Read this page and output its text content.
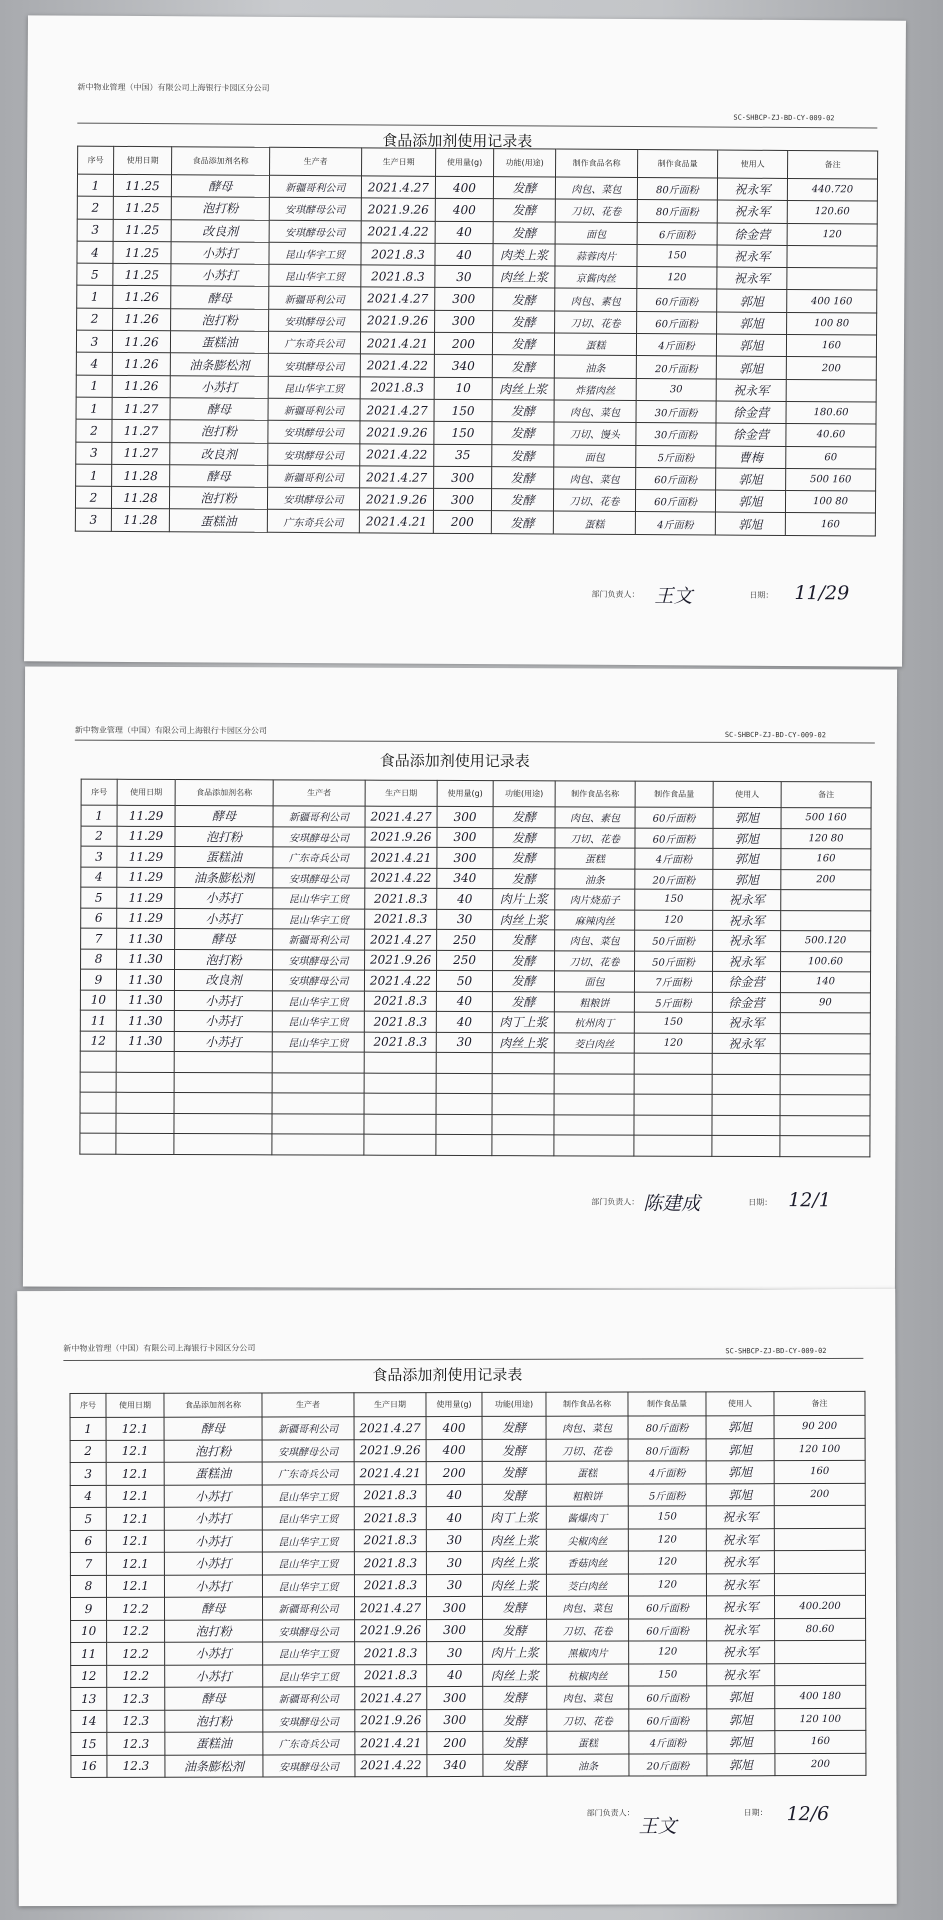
新中物业管理（中国）有限公司上海银行卡园区分公司
SC-SHBCP-ZJ-BD-CY-009-02
食品添加剂使用记录表
序号	使用日期	食品添加剂名称	生产者	生产日期	使用量(g)	功能(用途)	制作食品名称	制作食品量	使用人	备注
1	11.25	酵母	新疆哥利公司	2021.4.27	400	发酵	肉包、菜包	80斤面粉	祝永军	440.720
2	11.25	泡打粉	安琪酵母公司	2021.9.26	400	发酵	刀切、花卷	80斤面粉	祝永军	120.60
3	11.25	改良剂	安琪酵母公司	2021.4.22	40	发酵	面包	6斤面粉	徐金营	120
4	11.25	小苏打	昆山华宇工贸	2021.8.3	40	肉类上浆	蒜蓉肉片	150	祝永军	
5	11.25	小苏打	昆山华宇工贸	2021.8.3	30	肉丝上浆	京酱肉丝	120	祝永军	
1	11.26	酵母	新疆哥利公司	2021.4.27	300	发酵	肉包、素包	60斤面粉	郭旭	400 160
2	11.26	泡打粉	安琪酵母公司	2021.9.26	300	发酵	刀切、花卷	60斤面粉	郭旭	100 80
3	11.26	蛋糕油	广东奇兵公司	2021.4.21	200	发酵	蛋糕	4斤面粉	郭旭	160
4	11.26	油条膨松剂	安琪酵母公司	2021.4.22	340	发酵	油条	20斤面粉	郭旭	200
1	11.26	小苏打	昆山华宇工贸	2021.8.3	10	肉丝上浆	炸猪肉丝	30	祝永军	
1	11.27	酵母	新疆哥利公司	2021.4.27	150	发酵	肉包、菜包	30斤面粉	徐金营	180.60
2	11.27	泡打粉	安琪酵母公司	2021.9.26	150	发酵	刀切、馒头	30斤面粉	徐金营	40.60
3	11.27	改良剂	安琪酵母公司	2021.4.22	35	发酵	面包	5斤面粉	曹梅	60
1	11.28	酵母	新疆哥利公司	2021.4.27	300	发酵	肉包、菜包	60斤面粉	郭旭	500 160
2	11.28	泡打粉	安琪酵母公司	2021.9.26	300	发酵	刀切、花卷	60斤面粉	郭旭	100 80
3	11.28	蛋糕油	广东奇兵公司	2021.4.21	200	发酵	蛋糕	4斤面粉	郭旭	160
部门负责人： 王文	日期： 11/29
新中物业管理（中国）有限公司上海银行卡园区分公司	SC-SHBCP-ZJ-BD-CY-009-02
食品添加剂使用记录表
序号	使用日期	食品添加剂名称	生产者	生产日期	使用量(g)	功能(用途)	制作食品名称	制作食品量	使用人	备注
1	11.29	酵母	新疆哥利公司	2021.4.27	300	发酵	肉包、素包	60斤面粉	郭旭	500 160
2	11.29	泡打粉	安琪酵母公司	2021.9.26	300	发酵	刀切、花卷	60斤面粉	郭旭	120 80
3	11.29	蛋糕油	广东奇兵公司	2021.4.21	300	发酵	蛋糕	4斤面粉	郭旭	160
4	11.29	油条膨松剂	安琪酵母公司	2021.4.22	340	发酵	油条	20斤面粉	郭旭	200
5	11.29	小苏打	昆山华宇工贸	2021.8.3	40	肉片上浆	肉片烧茄子	150	祝永军	
6	11.29	小苏打	昆山华宇工贸	2021.8.3	30	肉丝上浆	麻辣肉丝	120	祝永军	
7	11.30	酵母	新疆哥利公司	2021.4.27	250	发酵	肉包、菜包	50斤面粉	祝永军	500.120
8	11.30	泡打粉	安琪酵母公司	2021.9.26	250	发酵	刀切、花卷	50斤面粉	祝永军	100.60
9	11.30	改良剂	安琪酵母公司	2021.4.22	50	发酵	面包	7斤面粉	徐金营	140
10	11.30	小苏打	昆山华宇工贸	2021.8.3	40	发酵	粗粮饼	5斤面粉	徐金营	90
11	11.30	小苏打	昆山华宇工贸	2021.8.3	40	肉丁上浆	杭州肉丁	150	祝永军	
12	11.30	小苏打	昆山华宇工贸	2021.8.3	30	肉丝上浆	茭白肉丝	120	祝永军	

部门负责人： 陈建成	日期： 12/1
新中物业管理（中国）有限公司上海银行卡园区分公司	SC-SHBCP-ZJ-BD-CY-009-02
食品添加剂使用记录表
序号	使用日期	食品添加剂名称	生产者	生产日期	使用量(g)	功能(用途)	制作食品名称	制作食品量	使用人	备注
1	12.1	酵母	新疆哥利公司	2021.4.27	400	发酵	肉包、菜包	80斤面粉	郭旭	90 200
2	12.1	泡打粉	安琪酵母公司	2021.9.26	400	发酵	刀切、花卷	80斤面粉	郭旭	120 100
3	12.1	蛋糕油	广东奇兵公司	2021.4.21	200	发酵	蛋糕	4斤面粉	郭旭	160
4	12.1	小苏打	昆山华宇工贸	2021.8.3	40	发酵	粗粮饼	5斤面粉	郭旭	200
5	12.1	小苏打	昆山华宇工贸	2021.8.3	40	肉丁上浆	酱爆肉丁	150	祝永军	
6	12.1	小苏打	昆山华宇工贸	2021.8.3	30	肉丝上浆	尖椒肉丝	120	祝永军	
7	12.1	小苏打	昆山华宇工贸	2021.8.3	30	肉丝上浆	香菇肉丝	120	祝永军	
8	12.1	小苏打	昆山华宇工贸	2021.8.3	30	肉丝上浆	茭白肉丝	120	祝永军	
9	12.2	酵母	新疆哥利公司	2021.4.27	300	发酵	肉包、菜包	60斤面粉	祝永军	400.200
10	12.2	泡打粉	安琪酵母公司	2021.9.26	300	发酵	刀切、花卷	60斤面粉	祝永军	80.60
11	12.2	小苏打	昆山华宇工贸	2021.8.3	30	肉片上浆	黑椒肉片	120	祝永军	
12	12.2	小苏打	昆山华宇工贸	2021.8.3	40	肉丝上浆	杭椒肉丝	150	祝永军	
13	12.3	酵母	新疆哥利公司	2021.4.27	300	发酵	肉包、菜包	60斤面粉	郭旭	400 180
14	12.3	泡打粉	安琪酵母公司	2021.9.26	300	发酵	刀切、花卷	60斤面粉	郭旭	120 100
15	12.3	蛋糕油	广东奇兵公司	2021.4.21	200	发酵	蛋糕	4斤面粉	郭旭	160
16	12.3	油条膨松剂	安琪酵母公司	2021.4.22	340	发酵	油条	20斤面粉	郭旭	200
部门负责人：
王文
日期： 12/6
